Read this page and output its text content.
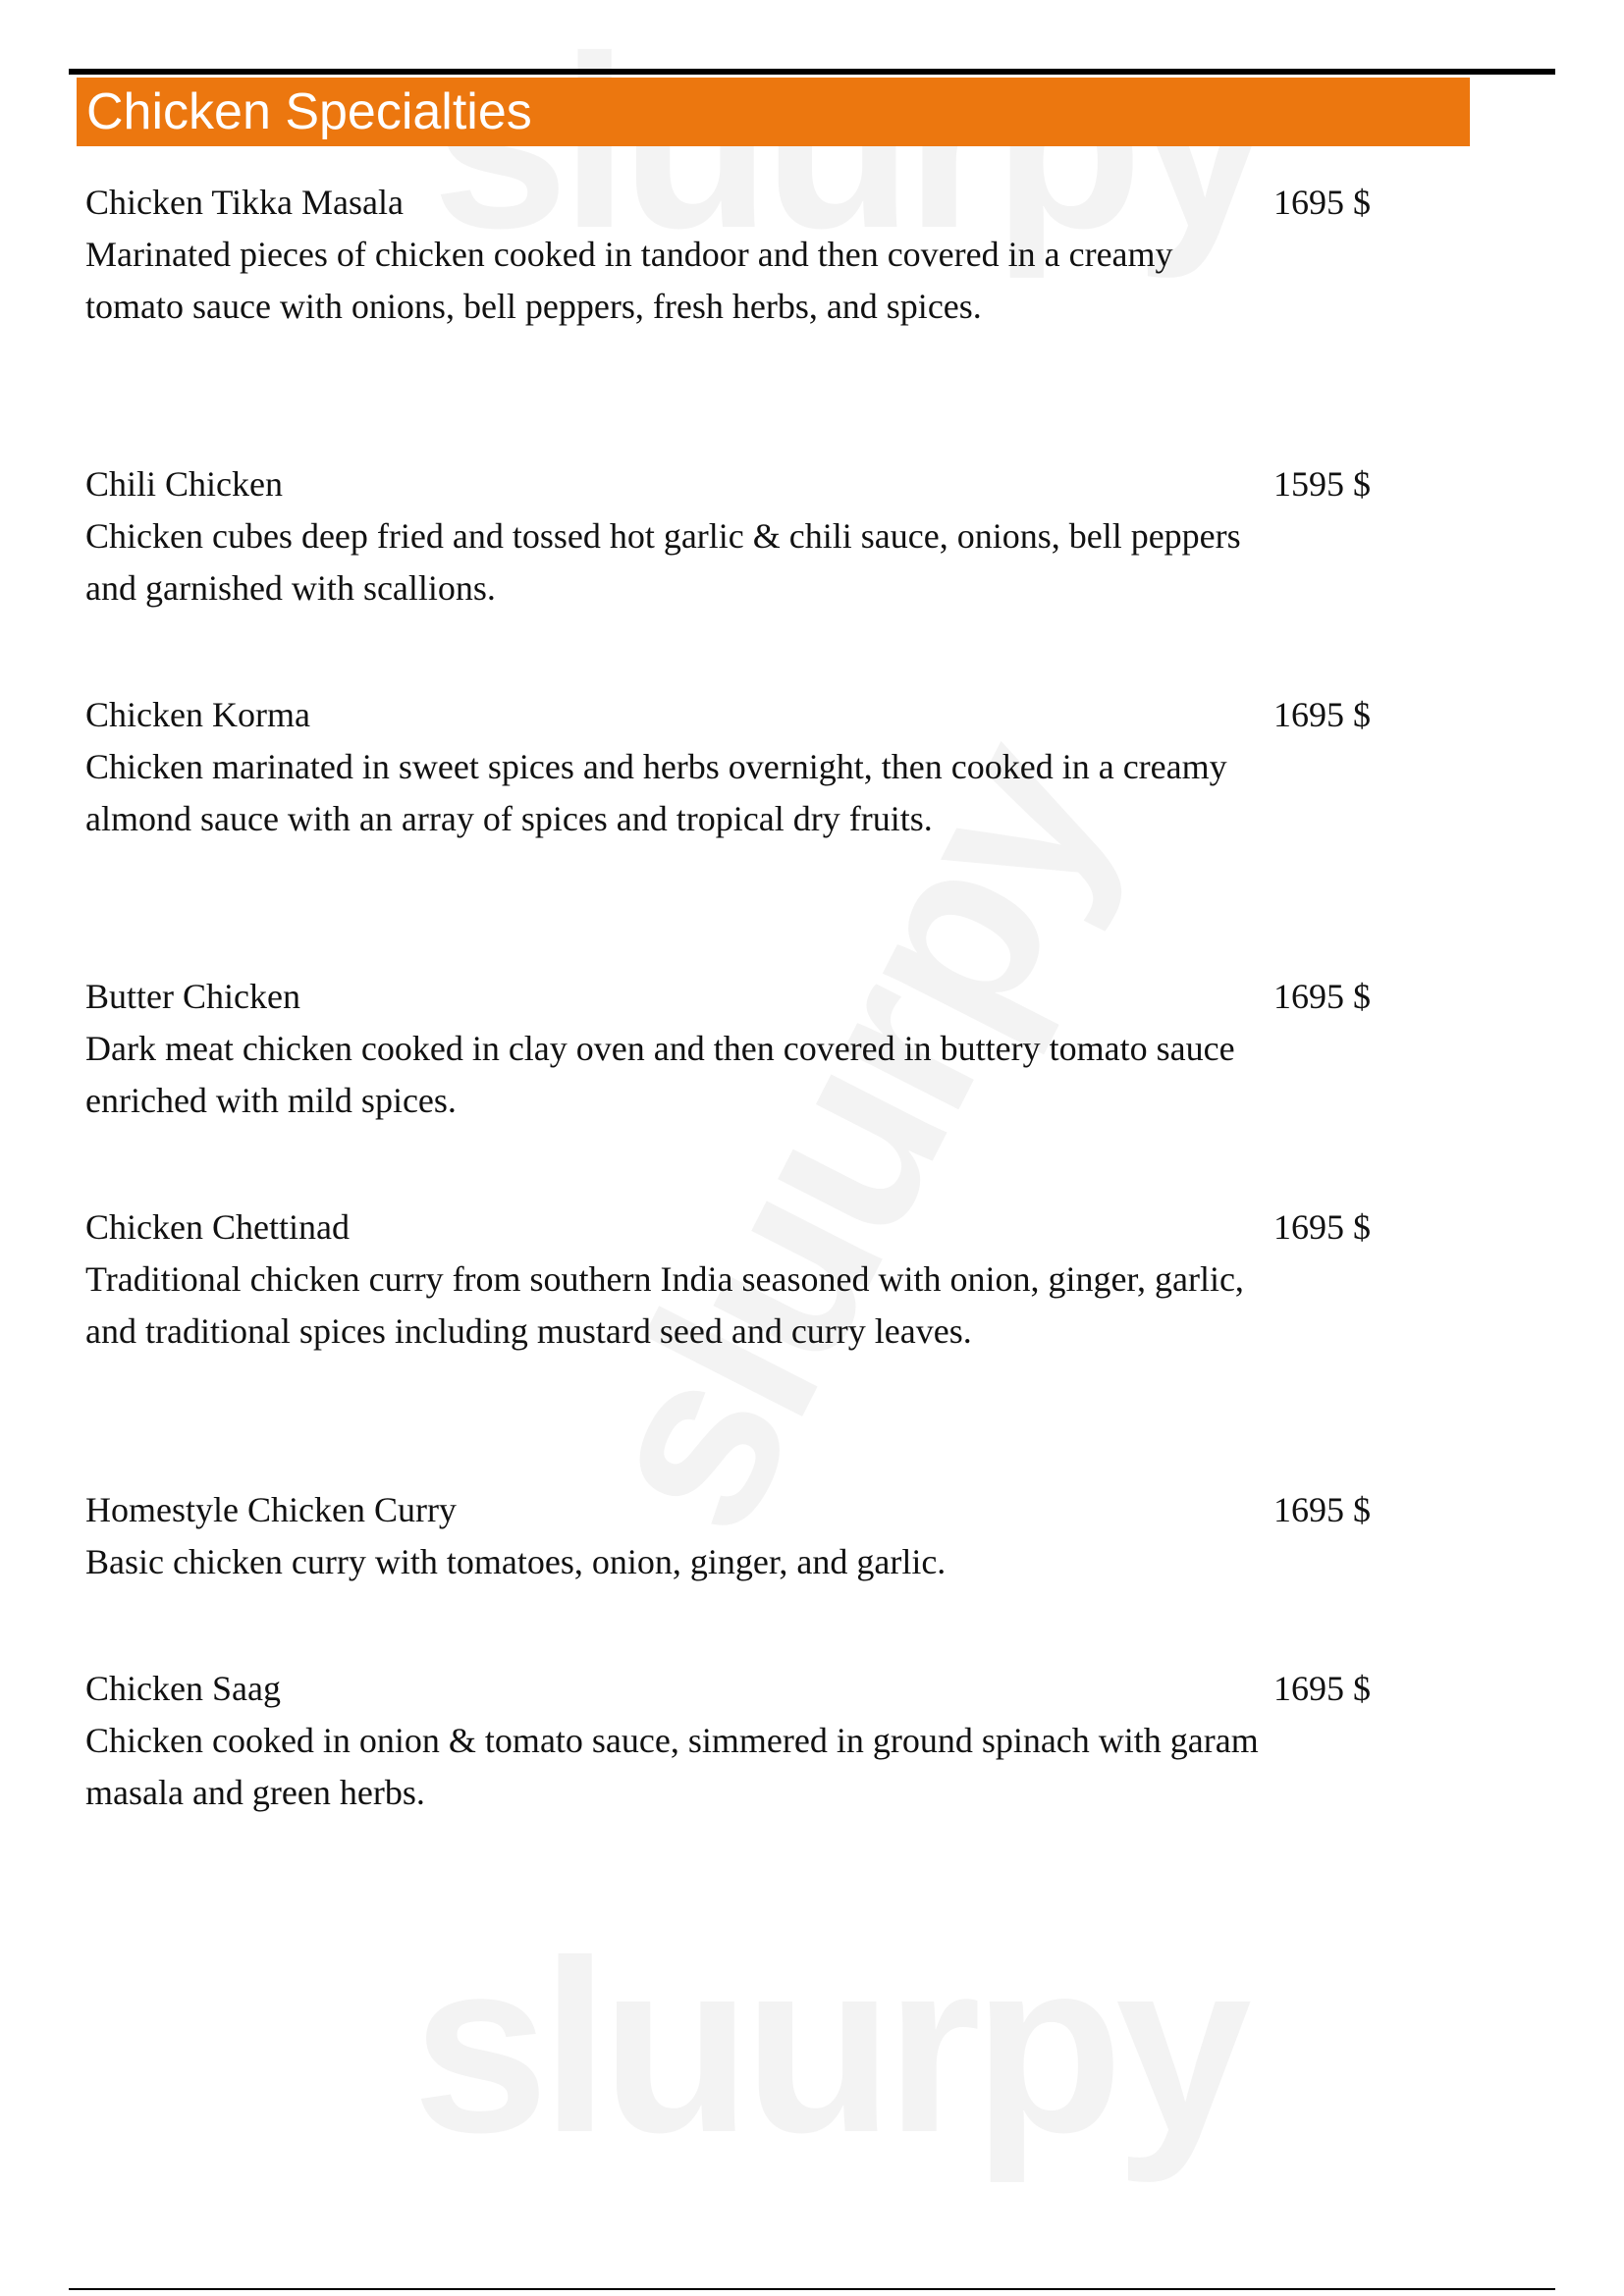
Chicken Specialties
Chicken Tikka Masala	1695 $
Marinated pieces of chicken cooked in tandoor and then covered in a creamy tomato sauce with onions, bell peppers, fresh herbs, and spices.
Chili Chicken	1595 $
Chicken cubes deep fried and tossed hot garlic & chili sauce, onions, bell peppers and garnished with scallions.
Chicken Korma	1695 $
Chicken marinated in sweet spices and herbs overnight, then cooked in a creamy almond sauce with an array of spices and tropical dry fruits.
Butter Chicken	1695 $
Dark meat chicken cooked in clay oven and then covered in buttery tomato sauce enriched with mild spices.
Chicken Chettinad	1695 $
Traditional chicken curry from southern India seasoned with onion, ginger, garlic, and traditional spices including mustard seed and curry leaves.
Homestyle Chicken Curry	1695 $
Basic chicken curry with tomatoes, onion, ginger, and garlic.
Chicken Saag	1695 $
Chicken cooked in onion & tomato sauce, simmered in ground spinach with garam masala and green herbs.
